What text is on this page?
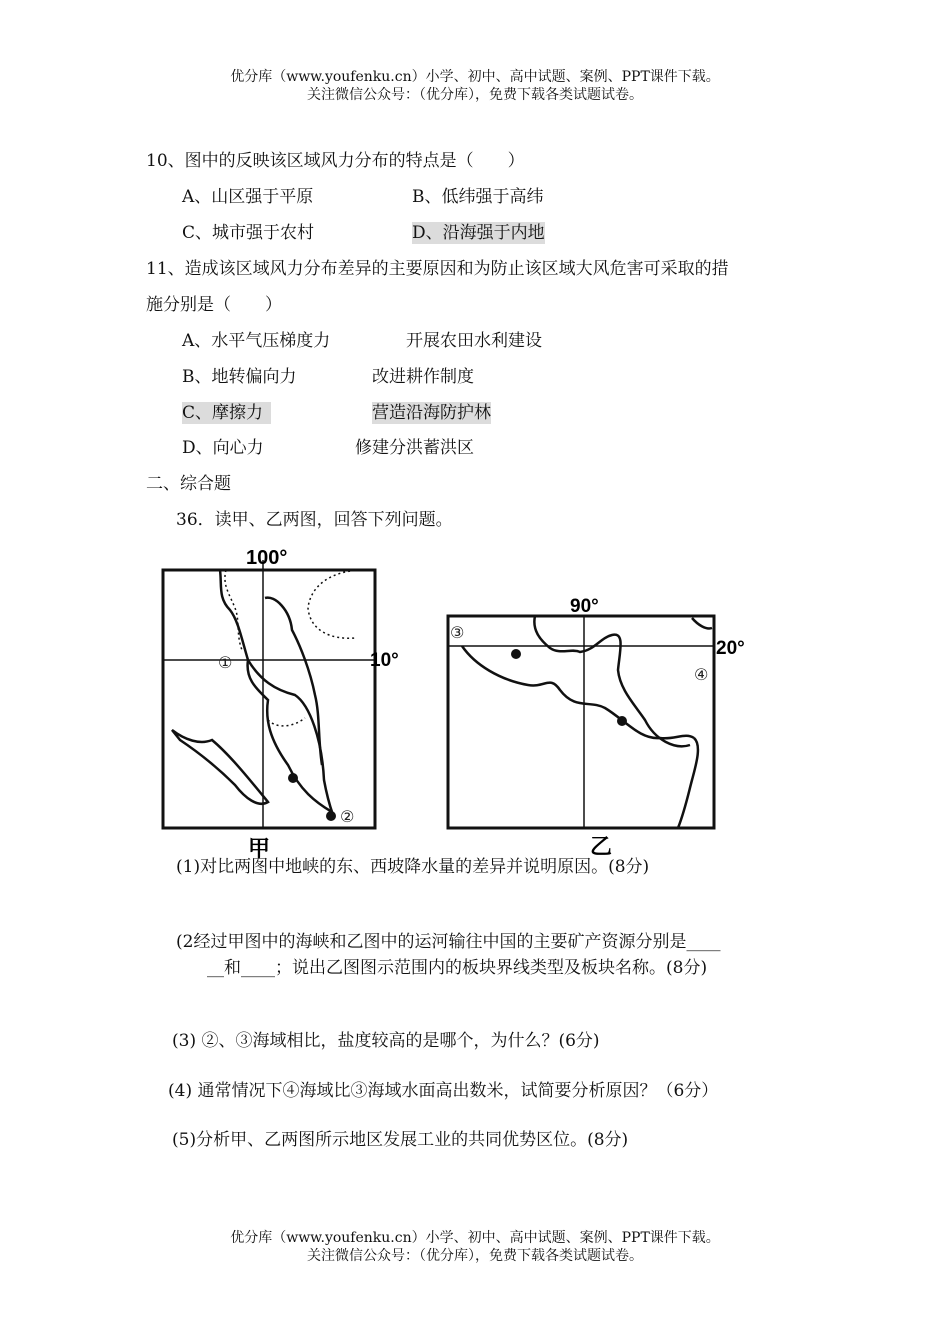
优分库（www.youfenku.cn）小学、初中、高中试题、案例、PPT课件下载。
关注微信公众号：（优分库），免费下载各类试题试卷。
10、图中的反映该区域风力分布的特点是（　　）
A、山区强于平原	B、低纬强于高纬
C、城市强于农村	D、沿海强于内地
11、造成该区域风力分布差异的主要原因和为防止该区域大风危害可采取的措
施分别是（　　）
A、水平气压梯度力	开展农田水利建设
B、地转偏向力	改进耕作制度
C、摩擦力	营造沿海防护林
D、向心力	修建分洪蓄洪区
二、综合题
36．读甲、乙两图，回答下列问题。
100°
10°
①
②
甲
90°
20°
③
④
乙
(1)对比两图中地峡的东、西坡降水量的差异并说明原因。(8分)
(2经过甲图中的海峡和乙图中的运河输往中国的主要矿产资源分别是____
__和____；说出乙图图示范围内的板块界线类型及板块名称。(8分)
(3) ②、③海域相比，盐度较高的是哪个，为什么？(6分)
(4) 通常情况下④海域比③海域水面高出数米，试简要分析原因？（6分）
(5)分析甲、乙两图所示地区发展工业的共同优势区位。(8分)
优分库（www.youfenku.cn）小学、初中、高中试题、案例、PPT课件下载。
关注微信公众号：（优分库），免费下载各类试题试卷。
